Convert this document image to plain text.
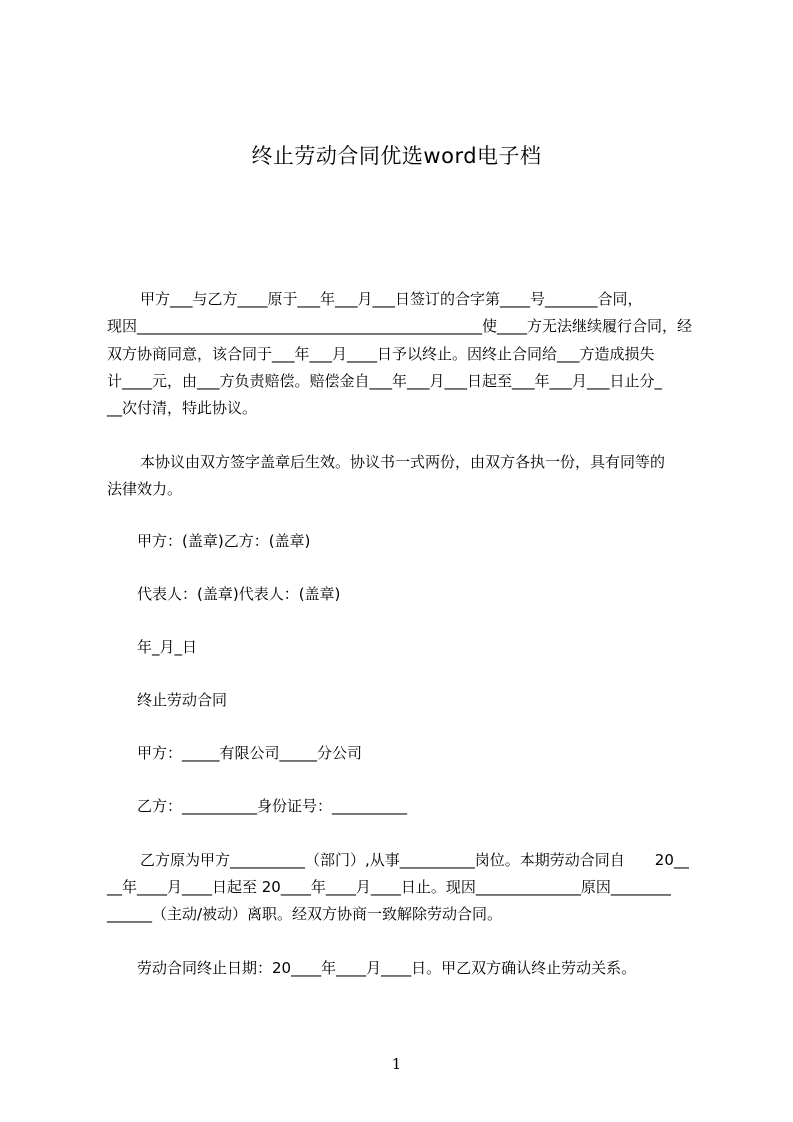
终止劳动合同优选word电子档
甲方___与乙方____原于___年___月___日签订的合字第____号_______合同，
现因______________________________________________使____方无法继续履行合同，经
双方协商同意，该合同于___年___月____日予以终止。因终止合同给___方造成损失
计____元，由___方负责赔偿。赔偿金自___年___月___日起至___年___月___日止分_
__次付清，特此协议。
本协议由双方签字盖章后生效。协议书一式两份，由双方各执一份，具有同等的
法律效力。
甲方：(盖章)乙方：(盖章)
代表人：(盖章)代表人：(盖章)
年_月_日
终止劳动合同
甲方：_____有限公司_____分公司
乙方：__________身份证号：__________
乙方原为甲方__________（部门）,从事__________岗位。本期劳动合同自　　20__
__年____月____日起至 20____年____月____日止。现因______________原因________
______（主动/被动）离职。经双方协商一致解除劳动合同。
劳动合同终止日期：20____年____月____日。甲乙双方确认终止劳动关系。
1
